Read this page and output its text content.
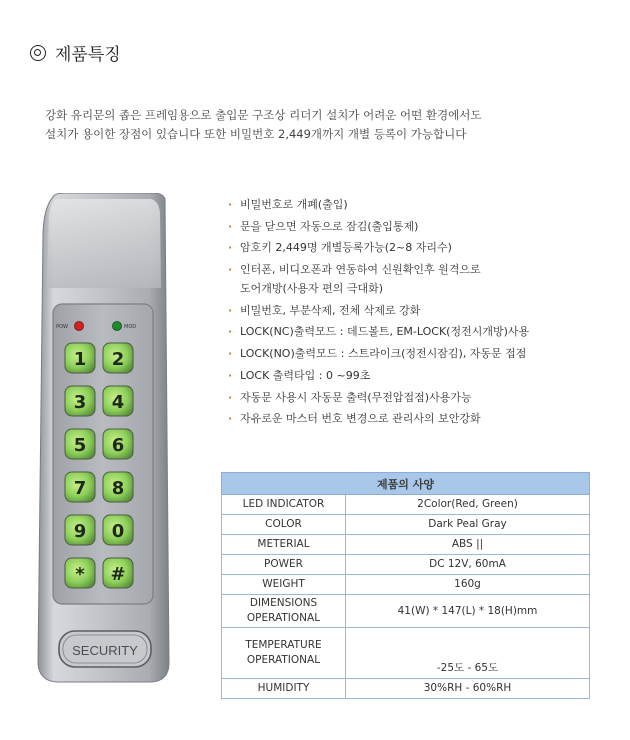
제품특징
강화 유리문의 좁은 프레임용으로 출입문 구조상 리더기 설치가 어려운 어떤 환경에서도
설치가 용이한 장점이 있습니다 또한 비밀번호 2,449개까지 개별 등록이 가능합니다
POW	MOD
1 2
3 4
5 6
7 8
9 0
* #
SECURITY
· 비밀번호로 개폐(출입)
· 문을 닫으면 자동으로 잠김(출입통제)
· 암호키 2,449명 개별등록가능(2~8 자리수)
· 인터폰, 비디오폰과 연동하여 신원확인후 원격으로
도어개방(사용자 편의 극대화)
· 비밀번호, 부분삭제, 전체 삭제로 강화
· LOCK(NC)출력모드 : 데드볼트, EM-LOCK(정전시개방)사용
· LOCK(NO)출력모드 : 스트라이크(정전시잠김), 자동문 접점
· LOCK 출력타입 : 0 ~99초
· 자동문 사용시 자동문 출력(무전압접점)사용가능
· 자유로운 마스터 번호 변경으로 관리사의 보안강화
제품의 사양	
LED INDICATOR	2Color(Red, Green)
COLOR	Dark Peal Gray
METERIAL	ABS ||
POWER	DC 12V, 60mA
WEIGHT	160g
DIMENSIONS
OPERATIONAL	41(W) * 147(L) * 18(H)mm
TEMPERATURE
OPERATIONAL	-25도 - 65도
HUMIDITY	30%RH - 60%RH
